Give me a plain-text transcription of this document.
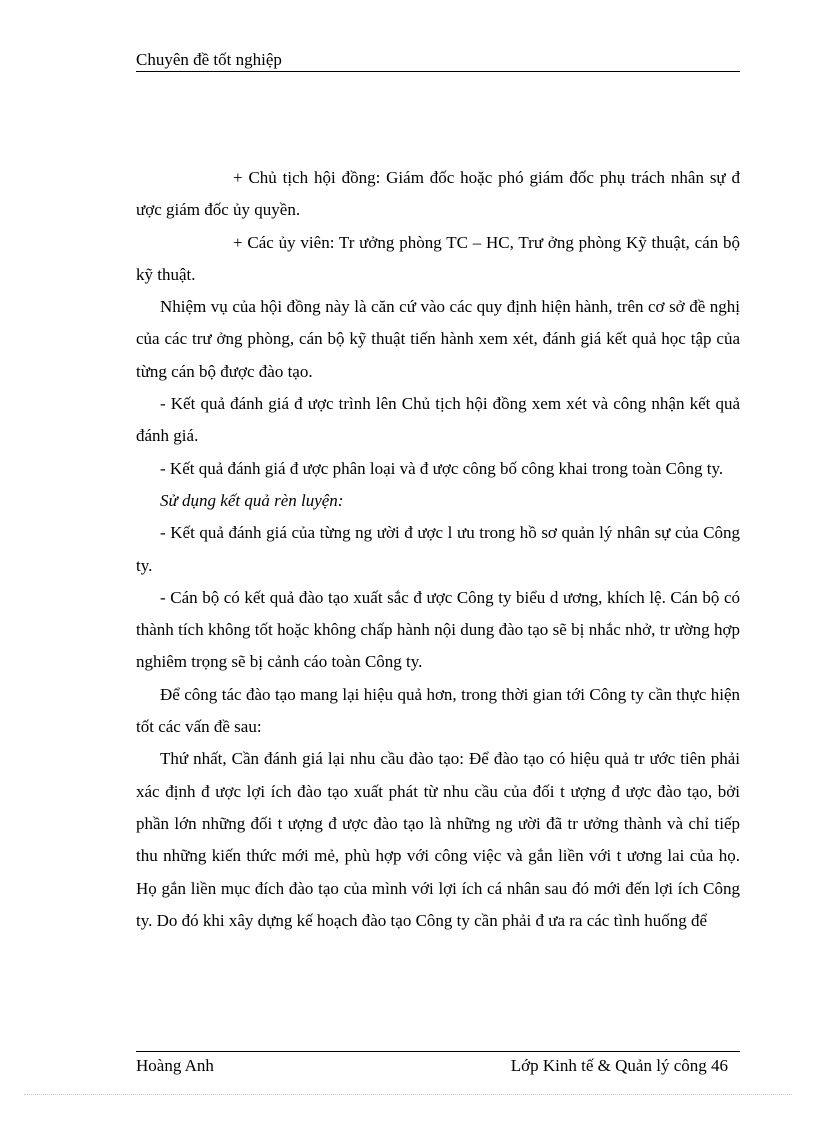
Chuyên đề tốt nghiệp

+ Chủ tịch hội đồng: Giám đốc hoặc phó giám đốc phụ trách nhân sự đ ược giám đốc ủy quyền.

+ Các ủy viên: Tr ưởng phòng TC – HC, Trư ởng phòng Kỹ thuật, cán bộ kỹ thuật.

Nhiệm vụ của hội đồng này là căn cứ vào các quy định hiện hành, trên cơ sở đề nghị của các trư ởng phòng, cán bộ kỹ thuật tiến hành xem xét, đánh giá kết quả học tập của từng cán bộ được đào tạo.

- Kết quả đánh giá đ ược trình lên Chủ tịch hội đồng xem xét và công nhận kết quả đánh giá.

- Kết quả đánh giá đ ược phân loại và đ ược công bố công khai trong toàn Công ty.

Sử dụng kết quả rèn luyện:

- Kết quả đánh giá của từng ng ười đ ược l ưu trong hồ sơ quản lý nhân sự của Công ty.

- Cán bộ có kết quả đào tạo xuất sắc đ ược Công ty biểu d ương, khích lệ. Cán bộ có thành tích không tốt hoặc không chấp hành nội dung đào tạo sẽ bị nhắc nhở, tr ường hợp nghiêm trọng sẽ bị cảnh cáo toàn Công ty.

Để công tác đào tạo mang lại hiệu quả hơn, trong thời gian tới Công ty cần thực hiện tốt các vấn đề sau:

Thứ nhất, Cần đánh giá lại nhu cầu đào tạo: Để đào tạo có hiệu quả tr ước tiên phải xác định đ ược lợi ích đào tạo xuất phát từ nhu cầu của đối t ượng đ ược đào tạo, bởi phần lớn những đối t ượng đ ược đào tạo là những ng ười đã tr ưởng thành và chỉ tiếp thu những kiến thức mới mẻ, phù hợp với công việc và gắn liền với t ương lai của họ. Họ gắn liền mục đích đào tạo của mình với lợi ích cá nhân sau đó mới đến lợi ích Công ty. Do đó khi xây dựng kế hoạch đào tạo Công ty cần phải đ ưa ra các tình huống để

Hoàng Anh	Lớp Kinh tế & Quản lý công 46
